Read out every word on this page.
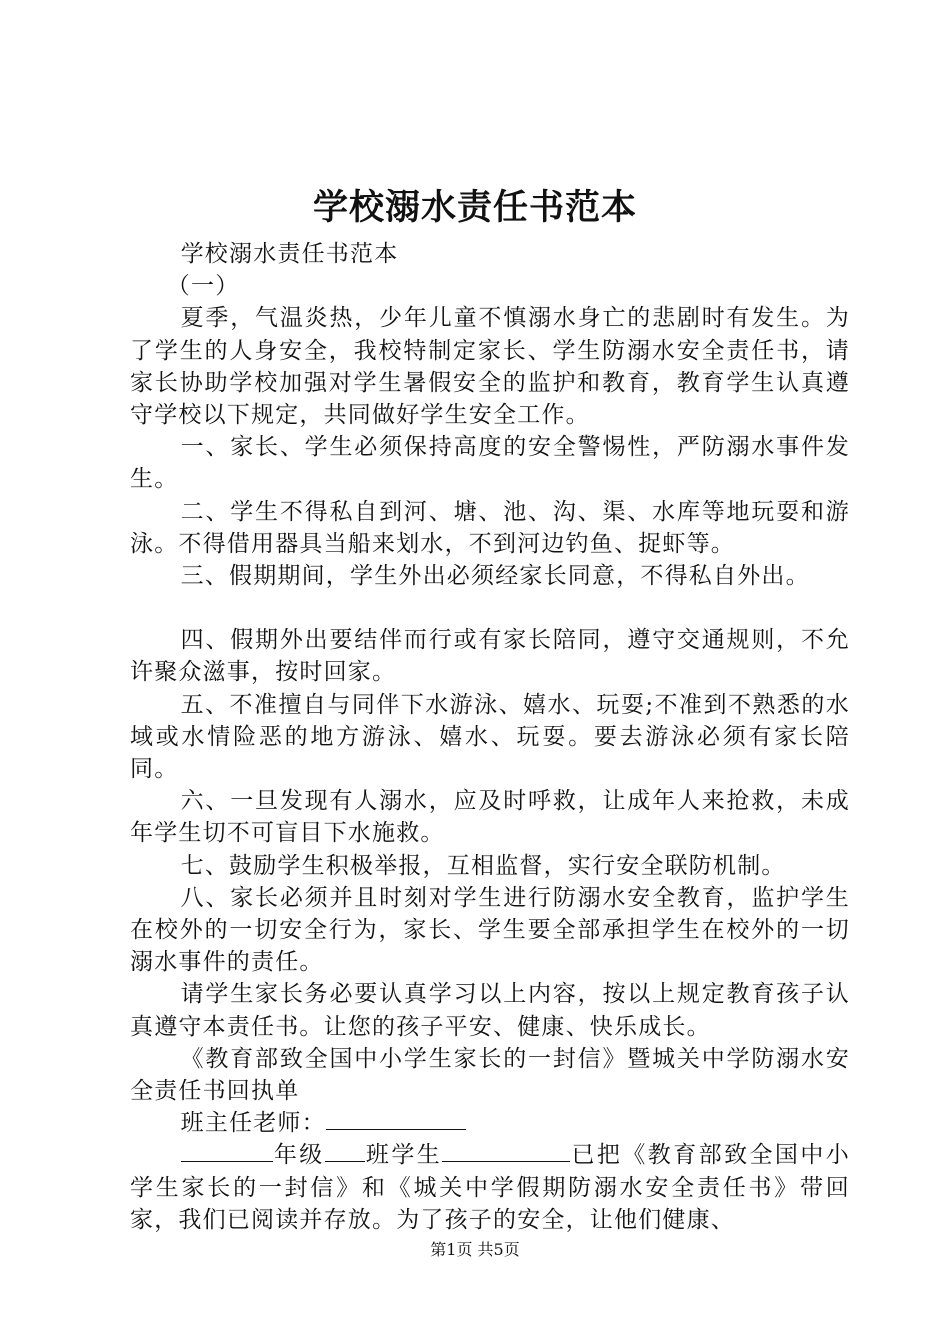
学校溺水责任书范本

学校溺水责任书范本

（一）

夏季，气温炎热，少年儿童不慎溺水身亡的悲剧时有发生。为了学生的人身安全，我校特制定家长、学生防溺水安全责任书，请家长协助学校加强对学生暑假安全的监护和教育，教育学生认真遵守学校以下规定，共同做好学生安全工作。

一、家长、学生必须保持高度的安全警惕性，严防溺水事件发生。

二、学生不得私自到河、塘、池、沟、渠、水库等地玩耍和游泳。不得借用器具当船来划水，不到河边钓鱼、捉虾等。

三、假期期间，学生外出必须经家长同意，不得私自外出。

四、假期外出要结伴而行或有家长陪同，遵守交通规则，不允许聚众滋事，按时回家。

五、不准擅自与同伴下水游泳、嬉水、玩耍;不准到不熟悉的水域或水情险恶的地方游泳、嬉水、玩耍。要去游泳必须有家长陪同。

六、一旦发现有人溺水，应及时呼救，让成年人来抢救，未成年学生切不可盲目下水施救。

七、鼓励学生积极举报，互相监督，实行安全联防机制。

八、家长必须并且时刻对学生进行防溺水安全教育，监护学生在校外的一切安全行为，家长、学生要全部承担学生在校外的一切溺水事件的责任。

请学生家长务必要认真学习以上内容，按以上规定教育孩子认真遵守本责任书。让您的孩子平安、健康、快乐成长。

《教育部致全国中小学生家长的一封信》暨城关中学防溺水安全责任书回执单

班主任老师：

年级 班学生	已把《教育部致全国中小学生家长的一封信》和《城关中学假期防溺水安全责任书》带回家，我们已阅读并存放。为了孩子的安全，让他们健康、

第1页 共5页
